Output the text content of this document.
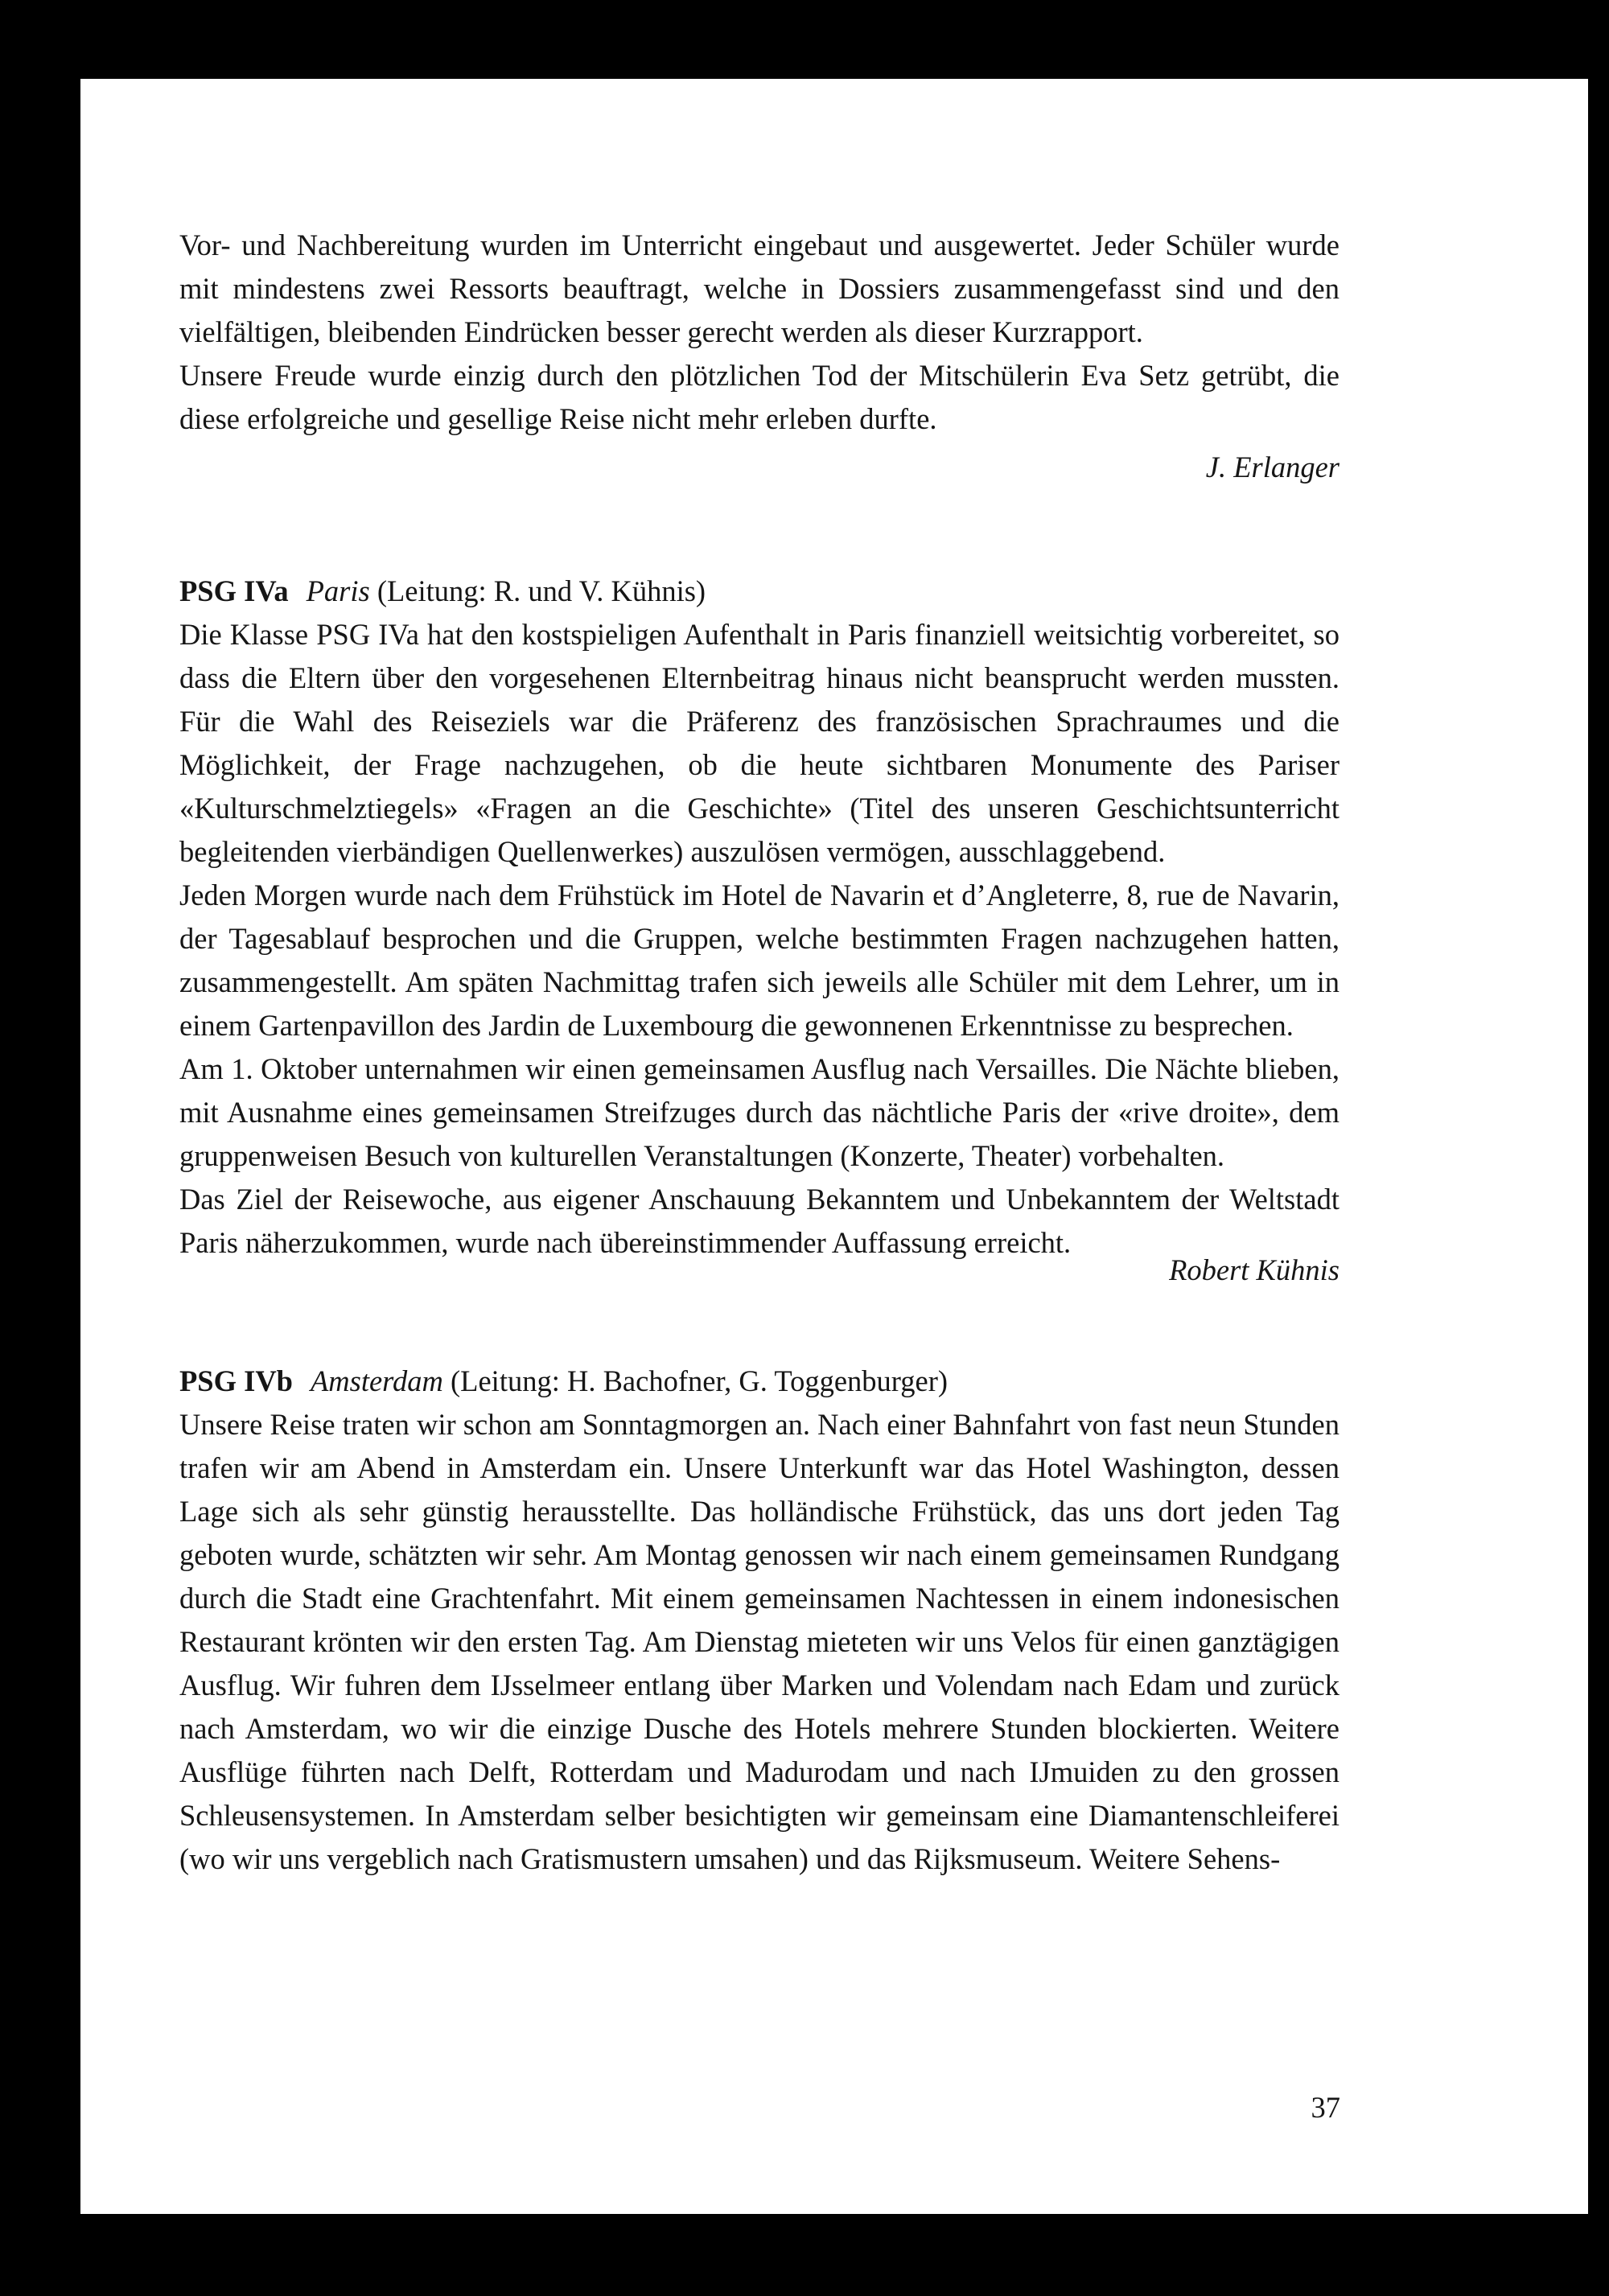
Vor- und Nachbereitung wurden im Unterricht eingebaut und ausgewertet. Jeder Schüler wurde mit mindestens zwei Ressorts beauftragt, welche in Dossiers zusammengefasst sind und den vielfältigen, bleibenden Eindrücken besser gerecht werden als dieser Kurzrapport.

Unsere Freude wurde einzig durch den plötzlichen Tod der Mitschülerin Eva Setz getrübt, die diese erfolgreiche und gesellige Reise nicht mehr erleben durfte.

J. Erlanger

PSG IVa Paris (Leitung: R. und V. Kühnis)

Die Klasse PSG IVa hat den kostspieligen Aufenthalt in Paris finanziell weitsichtig vorbereitet, so dass die Eltern über den vorgesehenen Elternbeitrag hinaus nicht beansprucht werden mussten. Für die Wahl des Reiseziels war die Präferenz des französischen Sprachraumes und die Möglichkeit, der Frage nachzugehen, ob die heute sichtbaren Monumente des Pariser «Kulturschmelztiegels» «Fragen an die Geschichte» (Titel des unseren Geschichtsunterricht begleitenden vierbändigen Quellenwerkes) auszulösen vermögen, ausschlaggebend.

Jeden Morgen wurde nach dem Frühstück im Hotel de Navarin et d’Angleterre, 8, rue de Navarin, der Tagesablauf besprochen und die Gruppen, welche bestimmten Fragen nachzugehen hatten, zusammengestellt. Am späten Nachmittag trafen sich jeweils alle Schüler mit dem Lehrer, um in einem Gartenpavillon des Jardin de Luxembourg die gewonnenen Erkenntnisse zu besprechen.

Am 1. Oktober unternahmen wir einen gemeinsamen Ausflug nach Versailles. Die Nächte blieben, mit Ausnahme eines gemeinsamen Streifzuges durch das nächtliche Paris der «rive droite», dem gruppenweisen Besuch von kulturellen Veranstaltungen (Konzerte, Theater) vorbehalten.

Das Ziel der Reisewoche, aus eigener Anschauung Bekanntem und Unbekanntem der Weltstadt Paris näherzukommen, wurde nach übereinstimmender Auffassung erreicht.

Robert Kühnis

PSG IVb Amsterdam (Leitung: H. Bachofner, G. Toggenburger)

Unsere Reise traten wir schon am Sonntagmorgen an. Nach einer Bahnfahrt von fast neun Stunden trafen wir am Abend in Amsterdam ein. Unsere Unterkunft war das Hotel Washington, dessen Lage sich als sehr günstig herausstellte. Das holländische Frühstück, das uns dort jeden Tag geboten wurde, schätzten wir sehr. Am Montag genossen wir nach einem gemeinsamen Rundgang durch die Stadt eine Grachtenfahrt. Mit einem gemeinsamen Nachtessen in einem indonesischen Restaurant krönten wir den ersten Tag. Am Dienstag mieteten wir uns Velos für einen ganztägigen Ausflug. Wir fuhren dem IJsselmeer entlang über Marken und Volendam nach Edam und zurück nach Amsterdam, wo wir die einzige Dusche des Hotels mehrere Stunden blockierten. Weitere Ausflüge führten nach Delft, Rotterdam und Madurodam und nach IJmuiden zu den grossen Schleusensystemen. In Amsterdam selber besichtigten wir gemeinsam eine Diamantenschleiferei (wo wir uns vergeblich nach Gratismustern umsahen) und das Rijksmuseum. Weitere Sehens-

37
